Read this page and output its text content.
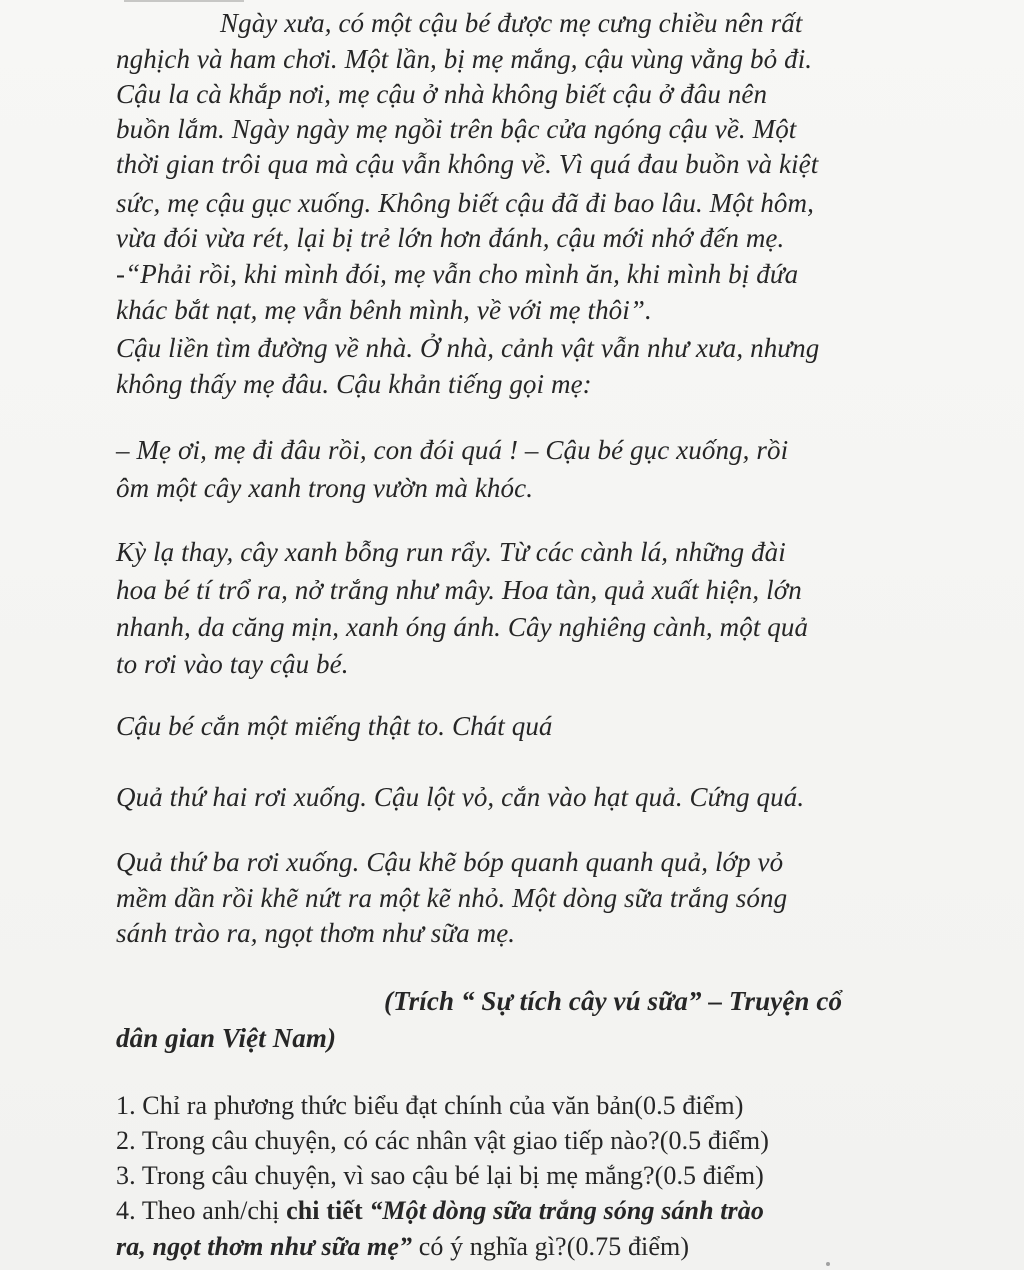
Ngày xưa, có một cậu bé được mẹ cưng chiều nên rất
nghịch và ham chơi. Một lần, bị mẹ mắng, cậu vùng vằng bỏ đi.
Cậu la cà khắp nơi, mẹ cậu ở nhà không biết cậu ở đâu nên
buồn lắm. Ngày ngày mẹ ngồi trên bậc cửa ngóng cậu về. Một
thời gian trôi qua mà cậu vẫn không về. Vì quá đau buồn và kiệt
sức, mẹ cậu gục xuống. Không biết cậu đã đi bao lâu. Một hôm,
vừa đói vừa rét, lại bị trẻ lớn hơn đánh, cậu mới nhớ đến mẹ.
-“Phải rồi, khi mình đói, mẹ vẫn cho mình ăn, khi mình bị đứa
khác bắt nạt, mẹ vẫn bênh mình, về với mẹ thôi”.
Cậu liền tìm đường về nhà. Ở nhà, cảnh vật vẫn như xưa, nhưng
không thấy mẹ đâu. Cậu khản tiếng gọi mẹ:
– Mẹ ơi, mẹ đi đâu rồi, con đói quá ! – Cậu bé gục xuống, rồi
ôm một cây xanh trong vườn mà khóc.
Kỳ lạ thay, cây xanh bỗng run rẩy. Từ các cành lá, những đài
hoa bé tí trổ ra, nở trắng như mây. Hoa tàn, quả xuất hiện, lớn
nhanh, da căng mịn, xanh óng ánh. Cây nghiêng cành, một quả
to rơi vào tay cậu bé.
Cậu bé cắn một miếng thật to. Chát quá
Quả thứ hai rơi xuống. Cậu lột vỏ, cắn vào hạt quả. Cứng quá.
Quả thứ ba rơi xuống. Cậu khẽ bóp quanh quanh quả, lớp vỏ
mềm dần rồi khẽ nứt ra một kẽ nhỏ. Một dòng sữa trắng sóng
sánh trào ra, ngọt thơm như sữa mẹ.
(Trích “ Sự tích cây vú sữa” – Truyện cổ
dân gian Việt Nam)
1. Chỉ ra phương thức biểu đạt chính của văn bản(0.5 điểm)
2. Trong câu chuyện, có các nhân vật giao tiếp nào?(0.5 điểm)
3. Trong câu chuyện, vì sao cậu bé lại bị mẹ mắng?(0.5 điểm)
4. Theo anh/chị chi tiết “Một dòng sữa trắng sóng sánh trào
ra, ngọt thơm như sữa mẹ” có ý nghĩa gì?(0.75 điểm)
